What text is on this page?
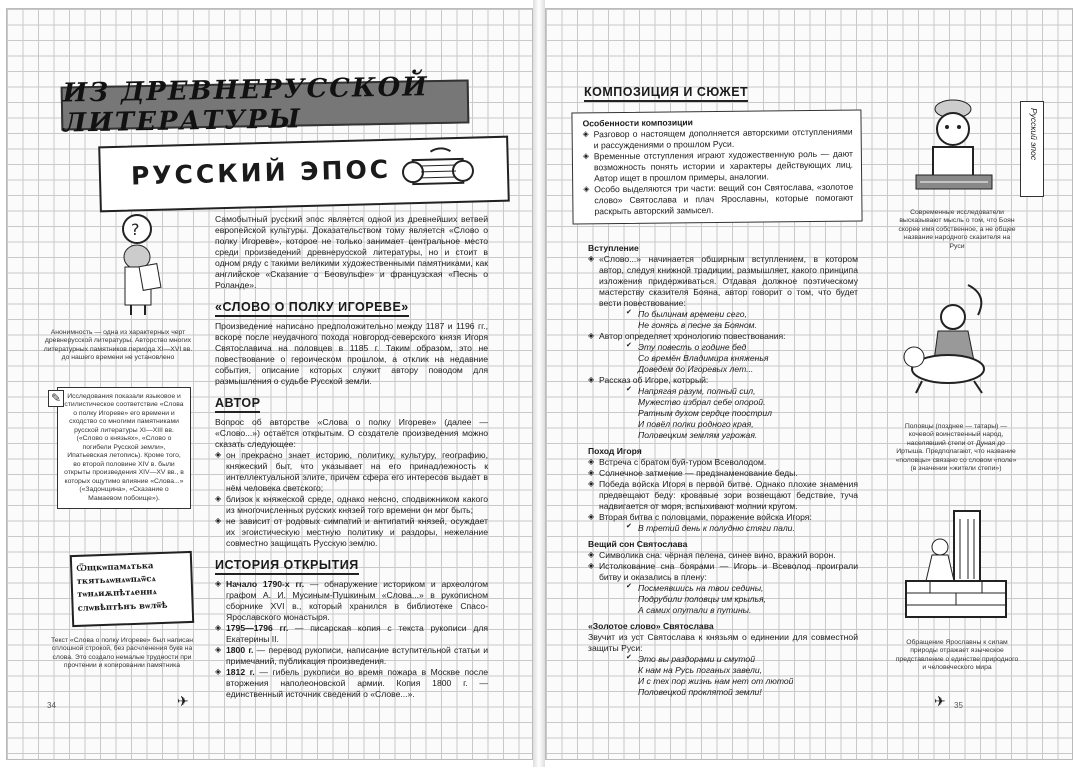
ИЗ ДРЕВНЕРУССКОЙ ЛИТЕРАТУРЫ
РУССКИЙ ЭПОС
?
Анонимность — одна из характерных черт древнерусской литературы. Авторство многих литературных памятников периода XI—XVI вв. до нашего времени не установлено
✎ Исследования показали языковое и стилистическое соответствие «Слова о полку Игореве» его времени и сходство со многими памятниками русской литературы XI—XIII вв. («Слово о князьях», «Слово о погибели Русской земли», Ипатьевская летопись). Кроме того, во второй половине XIV в. были открыты произведения XIV—XV вв., в которых ощутимо влияние «Слова...» («Задонщина», «Сказание о Мамаевом побоище»).
Ѿщкѡпамѧтька
ткятьѧѡнѧѡпѧѿсѧ
тѡнѧиѫпѣтѧеннѧ
слѡвѣптѣнъ вѡлѿѣ
Текст «Слова о полку Игореве» был написан сплошной строкой, без расчленения букв на слова. Это создало немалые трудности при прочтении и копировании памятника
34	✈
Самобытный русский эпос является одной из древнейших ветвей европейской культуры. Доказательством тому является «Слово о полку Игореве», которое не только занимает центральное место среди произведений древнерусской литературы, но и стоит в одном ряду с такими великими художественными памятниками, как английское «Сказание о Беовульфе» и французская «Песнь о Роланде».
«СЛОВО О ПОЛКУ ИГОРЕВЕ»
Произведение написано предположительно между 1187 и 1196 гг., вскоре после неудачного похода новгород-северского князя Игоря Святославича на половцев в 1185 г. Таким образом, это не повествование о героическом прошлом, а отклик на недавние события, описание которых служит автору поводом для размышления о судьбе Русской земли.
АВТОР
Вопрос об авторстве «Слова о полку Игореве» (далее — «Слово...») остаётся открытым. О создателе произведения можно сказать следующее:
◈ он прекрасно знает историю, политику, культуру, географию, княжеский быт, что указывает на его принадлежность к интеллектуальной элите, причём сфера его интересов выдаёт в нём человека светского;
◈ близок к княжеской среде, однако неясно, сподвижником какого из многочисленных русских князей того времени он мог быть;
◈ не зависит от родовых симпатий и антипатий князей, осуждает их эгоистическую местную политику и раздоры, нежелание совместно защищать Русскую землю.
ИСТОРИЯ ОТКРЫТИЯ
◈ Начало 1790-х гг. — обнаружение историком и археологом графом А. И. Мусиным-Пушкиным «Слова...» в рукописном сборнике XVI в., который хранился в библиотеке Спасо-Ярославского монастыря.
◈ 1795—1796 гг. — писарская копия с текста рукописи для Екатерины II.
◈ 1800 г. — перевод рукописи, написание вступительной статьи и примечаний, публикация произведения.
◈ 1812 г. — гибель рукописи во время пожара в Москве после вторжения наполеоновской армии. Копия 1800 г. — единственный источник сведений о «Слове...».
КОМПОЗИЦИЯ И СЮЖЕТ
Особенности композиции
◈ Разговор о настоящем дополняется авторскими отступлениями и рассуждениями о прошлом Руси.
◈ Временные отступления играют художественную роль — дают возможность понять истории и характеры действующих лиц. Автор ищет в прошлом примеры, аналогии.
◈ Особо выделяются три части: вещий сон Святослава, «золотое слово» Святослава и плач Ярославны, которые помогают раскрыть авторский замысел.
Вступление
◈ «Слово...» начинается обширным вступлением, в котором автор, следуя книжной традиции, размышляет, какого принципа изложения придерживаться. Отдавая должное поэтическому мастерству сказителя Бояна, автор говорит о том, что будет вести повествование:
✔ По былинам времени сего,
Не гонясь в песне за Бояном.
◈ Автор определяет хронологию повествования:
✔ Эту повесть о године бед
Со времён Владимира княженья
Доведем до Игоревых лет...
◈ Рассказ об Игоре, который:
✔ Напрягая разум, полный сил,
Мужество избрал себе опорой.
Ратным духом сердце поострил
И повёл полки родного края,
Половецким землям угрожая.
Поход Игоря
◈ Встреча с братом буй-туром Всеволодом.
◈ Солнечное затмение — предзнаменование беды.
◈ Победа войска Игоря в первой битве. Однако плохие знамения предвещают беду: кровавые зори возвещают бедствие, туча надвигается от моря, вспыхивают молнии кругом.
◈ Вторая битва с половцами, поражение войска Игоря:
✔ В третий день к полудню стяги пали.
Вещий сон Святослава
◈ Символика сна: чёрная пелена, синее вино, вражий ворон.
◈ Истолкование сна боярами — Игорь и Всеволод проиграли битву и оказались в плену:
✔ Посмеявшись на твои седины,
Подрубили половцы им крылья,
А самих опутали в путины.
«Золотое слово» Святослава
Звучит из уст Святослава к князьям о единении для совместной защиты Руси:
✔ Это вы раздорами и смутой
К нам на Русь поганых завели,
И с тех пор жизнь нам нет от лютой
Половецкой проклятой земли!
Русский эпос
Современные исследователи высказывают мысль о том, что Боян скорее имя собственное, а не общее название народного сказителя на Руси
Половцы (позднее — татары) — кочевой воинственный народ, населявший степи от Дуная до Иртыша. Предполагают, что название «половцы» связано со словом «поле» (в значении «жители степи»)
Обращение Ярославны к силам природы отражает языческое представление о единстве природного и человеческого мира
✈ 35
